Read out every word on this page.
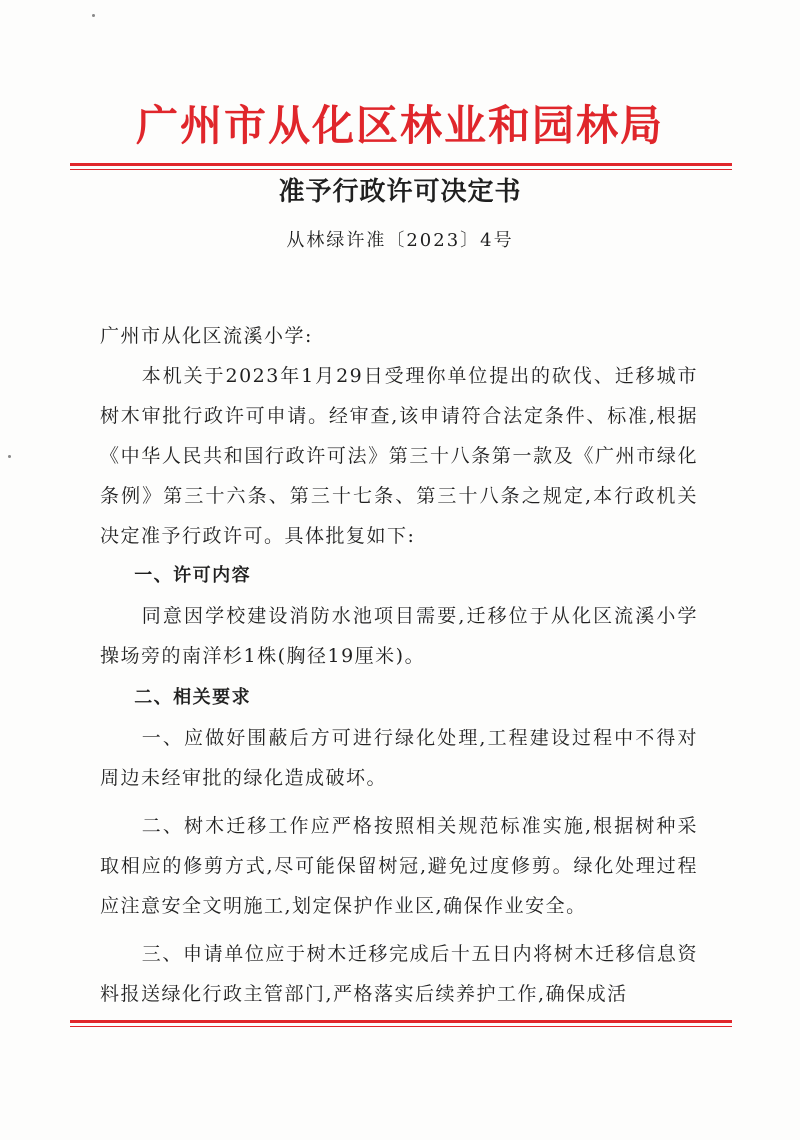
广州市从化区林业和园林局
准予行政许可决定书
从林绿许准〔2023〕4号

广州市从化区流溪小学:

本机关于2023年1月29日受理你单位提出的砍伐、迁移城市树木审批行政许可申请。经审查,该申请符合法定条件、标准,根据《中华人民共和国行政许可法》第三十八条第一款及《广州市绿化条例》第三十六条、第三十七条、第三十八条之规定,本行政机关决定准予行政许可。具体批复如下:

一、许可内容

同意因学校建设消防水池项目需要,迁移位于从化区流溪小学操场旁的南洋杉1株(胸径19厘米)。

二、相关要求

一、应做好围蔽后方可进行绿化处理,工程建设过程中不得对周边未经审批的绿化造成破坏。

二、树木迁移工作应严格按照相关规范标准实施,根据树种采取相应的修剪方式,尽可能保留树冠,避免过度修剪。绿化处理过程应注意安全文明施工,划定保护作业区,确保作业安全。

三、申请单位应于树木迁移完成后十五日内将树木迁移信息资料报送绿化行政主管部门,严格落实后续养护工作,确保成活
